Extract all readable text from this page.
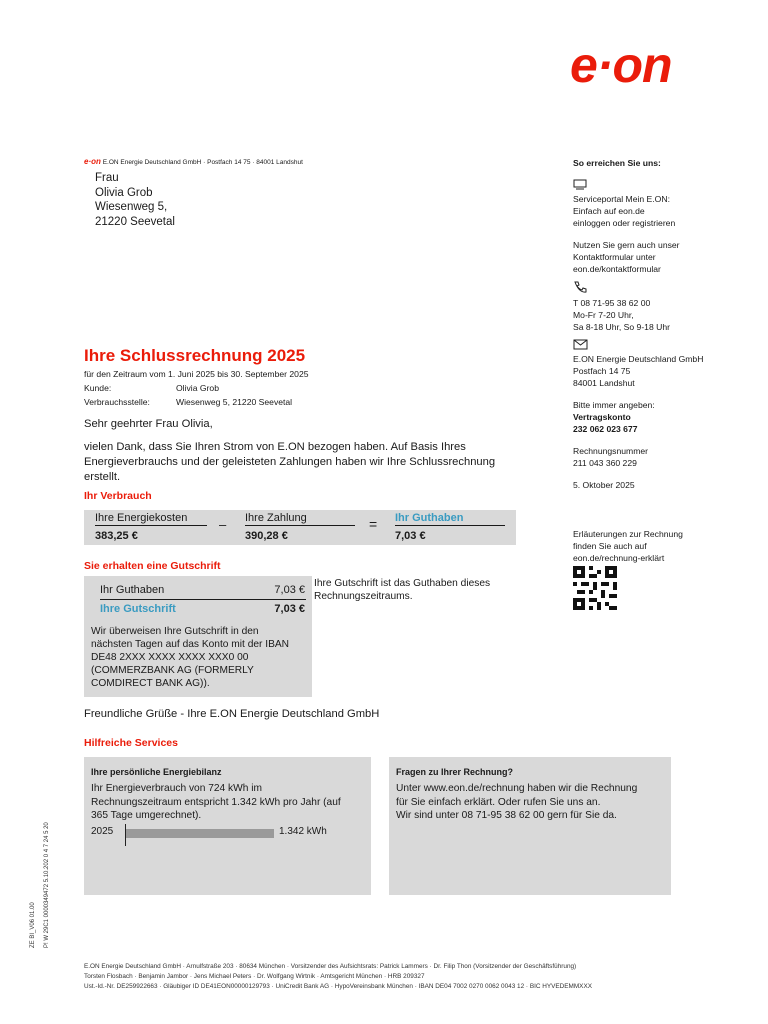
e·on
e·on E.ON Energie Deutschland GmbH · Postfach 14 75 · 84001 Landshut
Frau
Olivia Grob
Wiesenweg 5,
21220 Seevetal
So erreichen Sie uns:
Serviceportal Mein E.ON:
Einfach auf eon.de
einloggen oder registrieren
Nutzen Sie gern auch unser
Kontaktformular unter
eon.de/kontaktformular
T 08 71-95 38 62 00
Mo-Fr 7-20 Uhr,
Sa 8-18 Uhr, So 9-18 Uhr
E.ON Energie Deutschland GmbH
Postfach 14 75
84001 Landshut
Bitte immer angeben:
Vertragskonto
232 062 023 677
Rechnungsnummer
211 043 360 229
5. Oktober 2025
Erläuterungen zur Rechnung
finden Sie auch auf
eon.de/rechnung-erklärt
Ihre Schlussrechnung 2025
für den Zeitraum vom 1. Juni 2025 bis 30. September 2025
Kunde:	Olivia Grob
Verbrauchsstelle:	Wiesenweg 5, 21220 Seevetal
Sehr geehrter Frau Olivia,
vielen Dank, dass Sie Ihren Strom von E.ON bezogen haben. Auf Basis Ihres
Energieverbrauchs und der geleisteten Zahlungen haben wir Ihre Schlussrechnung
erstellt.
Ihr Verbrauch
Ihre Energiekosten
383,25 €
– Ihre Zahlung
390,28 €
= Ihr Guthaben
7,03 €
Sie erhalten eine Gutschrift
Ihr Guthaben	7,03 €
Ihre Gutschrift	7,03 €
Wir überweisen Ihre Gutschrift in den
nächsten Tagen auf das Konto mit der IBAN
DE48 2XXX XXXX XXXX XXX0 00
(COMMERZBANK AG (FORMERLY
COMDIRECT BANK AG)).
Ihre Gutschrift ist das Guthaben dieses
Rechnungszeitraums.
Freundliche Grüße - Ihre E.ON Energie Deutschland GmbH
Hilfreiche Services
Ihre persönliche Energiebilanz
Ihr Energieverbrauch von 724 kWh im
Rechnungszeitraum entspricht 1.342 kWh pro Jahr (auf
365 Tage umgerechnet).
2025	1.342 kWh
Fragen zu Ihrer Rechnung?
Unter www.eon.de/rechnung haben wir die Rechnung
für Sie einfach erklärt. Oder rufen Sie uns an.
Wir sind unter 08 71-95 38 62 00 gern für Sie da.
ZE BI_V06 01.00 P! W 29C1 0000349472 5.10.202 0 4 7 24 5 20
E.ON Energie Deutschland GmbH · Arnulfstraße 203 · 80634 München · Vorsitzender des Aufsichtsrats: Patrick Lammers · Dr. Filip Thon (Vorsitzender der Geschäftsführung)
Torsten Flosbach · Benjamin Jambor · Jens Michael Peters · Dr. Wolfgang Wirtnik · Amtsgericht München · HRB 209327
Ust.-Id.-Nr. DE259922663 · Gläubiger ID DE41EON00000129793 · UniCredit Bank AG · HypoVereinsbank München · IBAN DE04 7002 0270 0062 0043 12 · BIC HYVEDEMMXXX
